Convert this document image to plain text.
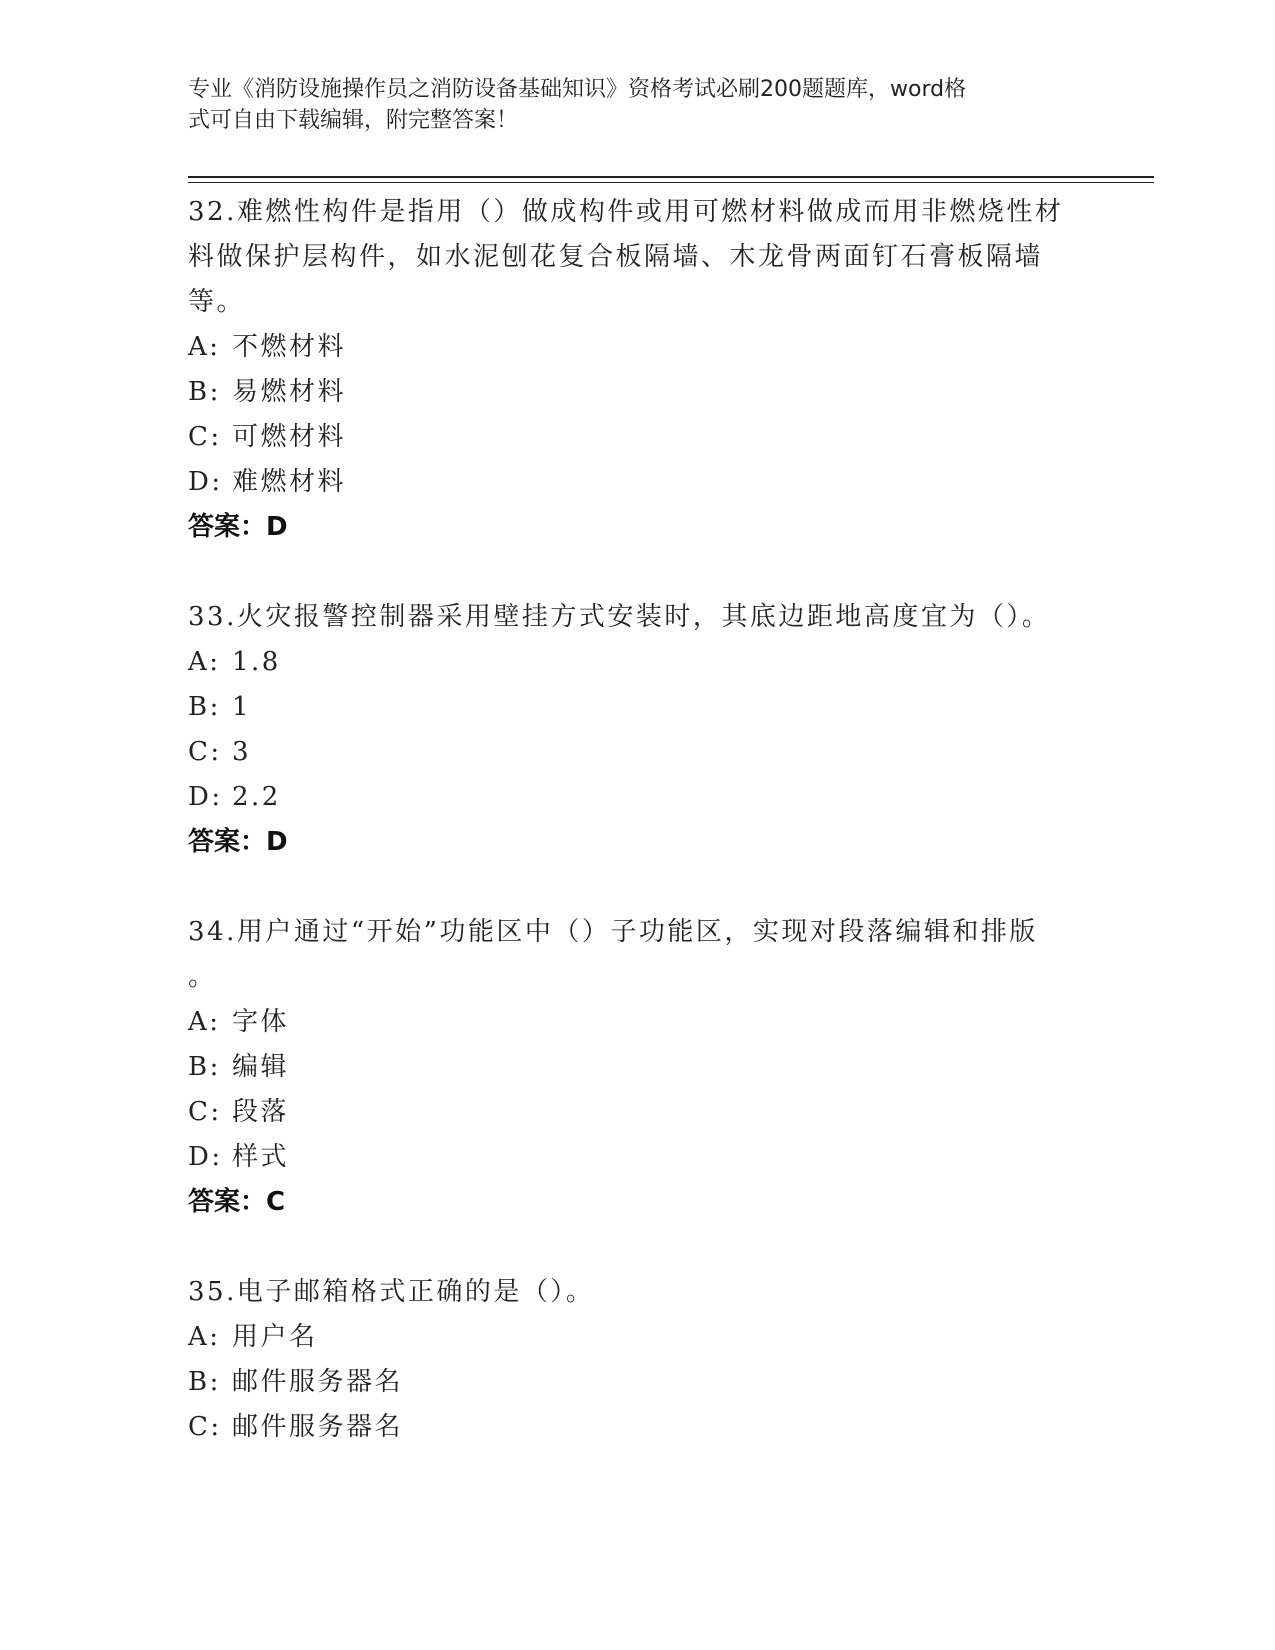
专业《消防设施操作员之消防设备基础知识》资格考试必刷200题题库，word格
式可自由下载编辑，附完整答案！
32.难燃性构件是指用（）做成构件或用可燃材料做成而用非燃烧性材
料做保护层构件，如水泥刨花复合板隔墙、木龙骨两面钉石膏板隔墙
等。
A: 不燃材料
B: 易燃材料
C: 可燃材料
D: 难燃材料
答案：D
33.火灾报警控制器采用壁挂方式安装时，其底边距地高度宜为（）。
A: 1.8
B: 1
C: 3
D: 2.2
答案：D
34.用户通过“开始”功能区中（）子功能区，实现对段落编辑和排版
。
A: 字体
B: 编辑
C: 段落
D: 样式
答案：C
35.电子邮箱格式正确的是（）。
A: 用户名
B: 邮件服务器名
C: 邮件服务器名
